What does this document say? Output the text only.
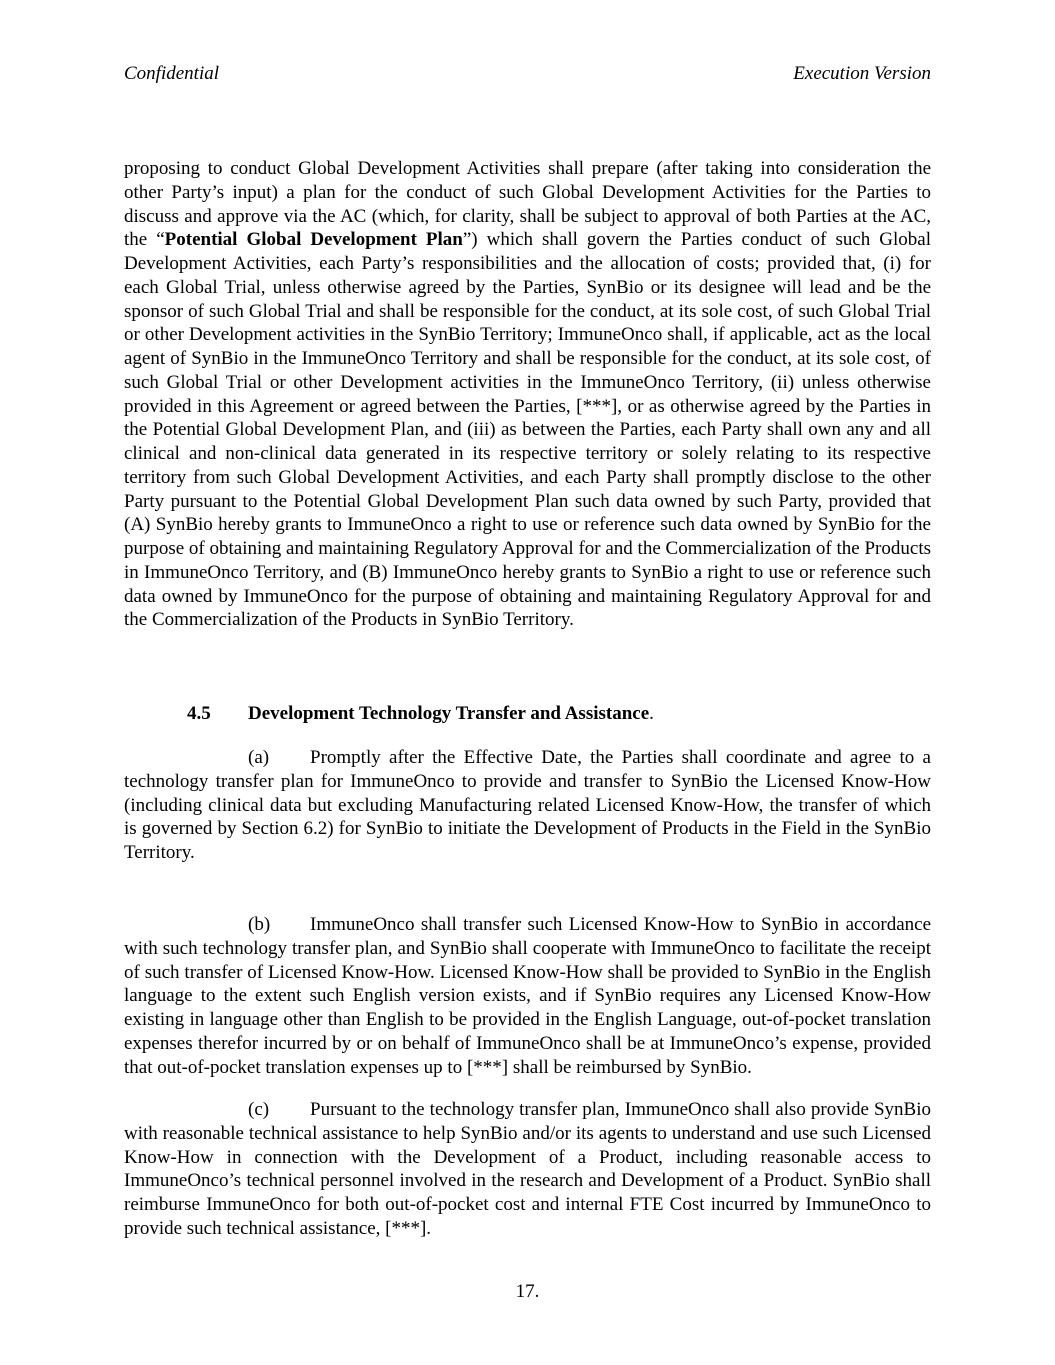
Confidential	Execution Version

proposing to conduct Global Development Activities shall prepare (after taking into consideration the other Party’s input) a plan for the conduct of such Global Development Activities for the Parties to discuss and approve via the AC (which, for clarity, shall be subject to approval of both Parties at the AC, the “Potential Global Development Plan”) which shall govern the Parties conduct of such Global Development Activities, each Party’s responsibilities and the allocation of costs; provided that, (i) for each Global Trial, unless otherwise agreed by the Parties, SynBio or its designee will lead and be the sponsor of such Global Trial and shall be responsible for the conduct, at its sole cost, of such Global Trial or other Development activities in the SynBio Territory; ImmuneOnco shall, if applicable, act as the local agent of SynBio in the ImmuneOnco Territory and shall be responsible for the conduct, at its sole cost, of such Global Trial or other Development activities in the ImmuneOnco Territory, (ii) unless otherwise provided in this Agreement or agreed between the Parties, [***], or as otherwise agreed by the Parties in the Potential Global Development Plan, and (iii) as between the Parties, each Party shall own any and all clinical and non-clinical data generated in its respective territory or solely relating to its respective territory from such Global Development Activities, and each Party shall promptly disclose to the other Party pursuant to the Potential Global Development Plan such data owned by such Party, provided that (A) SynBio hereby grants to ImmuneOnco a right to use or reference such data owned by SynBio for the purpose of obtaining and maintaining Regulatory Approval for and the Commercialization of the Products in ImmuneOnco Territory, and (B) ImmuneOnco hereby grants to SynBio a right to use or reference such data owned by ImmuneOnco for the purpose of obtaining and maintaining Regulatory Approval for and the Commercialization of the Products in SynBio Territory.

4.5 Development Technology Transfer and Assistance.

(a) Promptly after the Effective Date, the Parties shall coordinate and agree to a technology transfer plan for ImmuneOnco to provide and transfer to SynBio the Licensed Know-How (including clinical data but excluding Manufacturing related Licensed Know-How, the transfer of which is governed by Section 6.2) for SynBio to initiate the Development of Products in the Field in the SynBio Territory.

(b) ImmuneOnco shall transfer such Licensed Know-How to SynBio in accordance with such technology transfer plan, and SynBio shall cooperate with ImmuneOnco to facilitate the receipt of such transfer of Licensed Know-How. Licensed Know-How shall be provided to SynBio in the English language to the extent such English version exists, and if SynBio requires any Licensed Know-How existing in language other than English to be provided in the English Language, out-of-pocket translation expenses therefor incurred by or on behalf of ImmuneOnco shall be at ImmuneOnco’s expense, provided that out-of-pocket translation expenses up to [***] shall be reimbursed by SynBio.

(c) Pursuant to the technology transfer plan, ImmuneOnco shall also provide SynBio with reasonable technical assistance to help SynBio and/or its agents to understand and use such Licensed Know-How in connection with the Development of a Product, including reasonable access to ImmuneOnco’s technical personnel involved in the research and Development of a Product. SynBio shall reimburse ImmuneOnco for both out-of-pocket cost and internal FTE Cost incurred by ImmuneOnco to provide such technical assistance, [***].

17.
